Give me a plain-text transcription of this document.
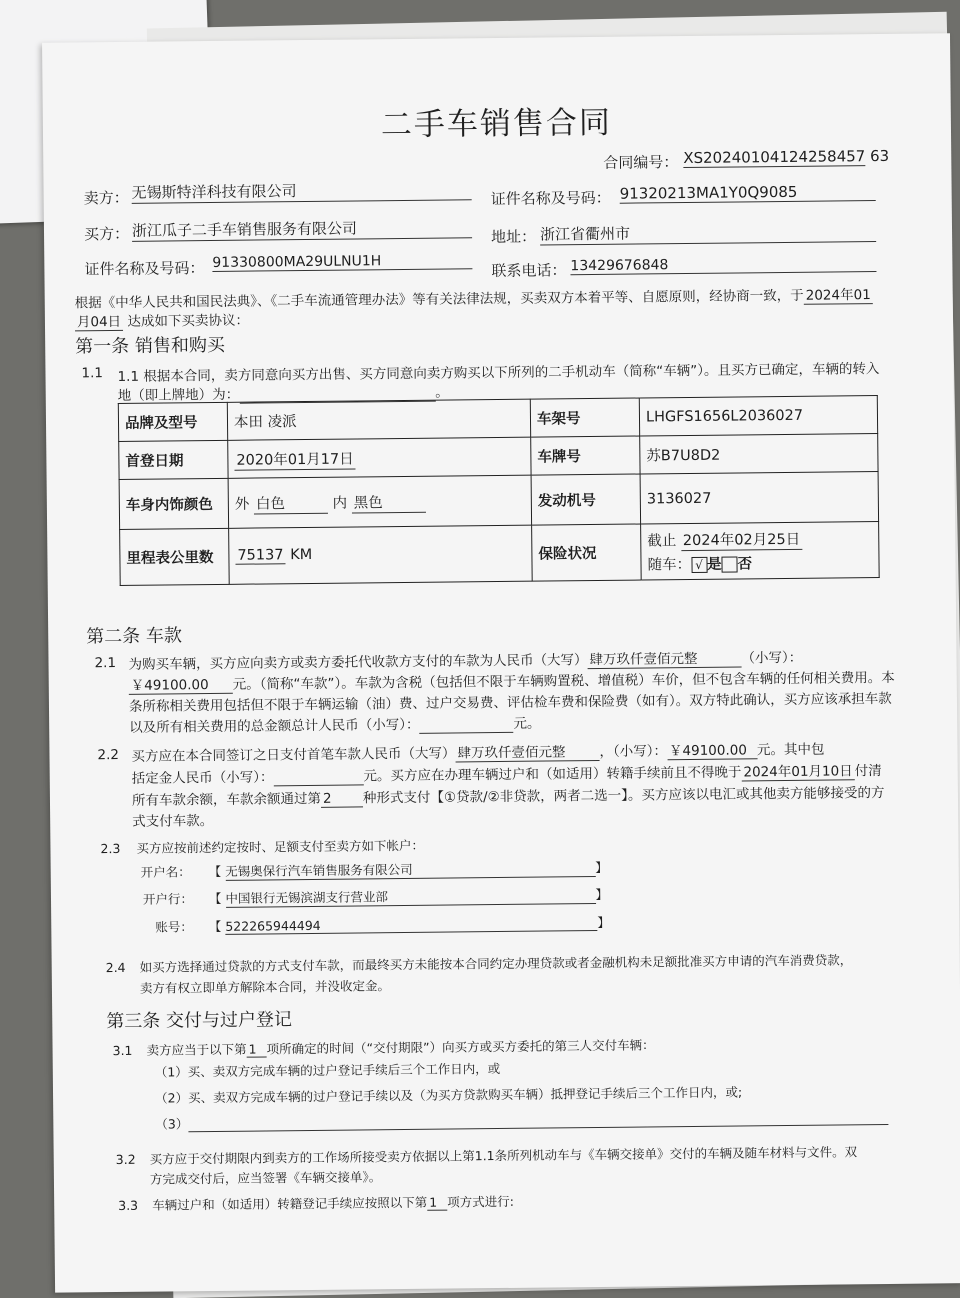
二手车销售合同
合同编号： XS20240104124258457 63
卖方： 无锡斯特洋科技有限公司	证件名称及号码： 91320213MA1Y0Q9085
买方： 浙江瓜子二手车销售服务有限公司	地址： 浙江省衢州市
证件名称及号码： 91330800MA29ULNU1H	联系电话： 13429676848
根据《中华人民共和国民法典》、《二手车流通管理办法》等有关法律法规，买卖双方本着平等、自愿原则，经协商一致，于 2024年01
月04日 达成如下买卖协议：
第一条 销售和购买
1.1 1.1 根据本合同，卖方同意向买方出售、买方同意向卖方购买以下所列的二手机动车（简称“车辆”）。且买方已确定，车辆的转入
地（即上牌地）为：	。
品牌及型号	本田 凌派	车架号	LHGFS1656L2036027
首登日期	2020年01月17日	车牌号	苏B7U8D2
车身内饰颜色	外 白色 内 黑色	发动机号	3136027
里程表公里数	75137 KM	保险状况	截止 2024年02月25日
随车： √ 是 否
第二条 车款
2.1 为购买车辆，买方应向卖方或卖方委托代收款方支付的车款为人民币（大写） 肆万玖仟壹佰元整	（小写）：
￥49100.00 元。（简称“车款”）。车款为含税（包括但不限于车辆购置税、增值税）车价，但不包含车辆的任何相关费用。本
条所称相关费用包括但不限于车辆运输（油）费、过户交易费、评估检车费和保险费（如有）。双方特此确认，买方应该承担车款
以及所有相关费用的总金额总计人民币（小写）：	元。
2.2 买方应在本合同签订之日支付首笔车款人民币（大写） 肆万玖仟壹佰元整	，（小写）： ￥49100.00 元。其中包
括定金人民币（小写）：	元。买方应在办理车辆过户和（如适用）转籍手续前且不得晚于 2024年01月10日 付清
所有车款余额，车款余额通过第 2 种形式支付【①贷款/②非贷款，两者二选一】。买方应该以电汇或其他卖方能够接受的方
式支付车款。
2.3 买方应按前述约定按时、足额支付至卖方如下帐户：
开户名： 【 无锡奥保行汽车销售服务有限公司	】
开户行： 【 中国银行无锡滨湖支行营业部	】
账号： 【 522265944494	】
2.4 如买方选择通过贷款的方式支付车款，而最终买方未能按本合同约定办理贷款或者金融机构未足额批准买方申请的汽车消费贷款，
卖方有权立即单方解除本合同，并没收定金。
第三条 交付与过户登记
3.1 卖方应当于以下第 1 项所确定的时间（“交付期限”）向买方或买方委托的第三人交付车辆：
（1）买、卖双方完成车辆的过户登记手续后三个工作日内，或
（2）买、卖双方完成车辆的过户登记手续以及（为买方贷款购买车辆）抵押登记手续后三个工作日内，或;
（3）
3.2 买方应于交付期限内到卖方的工作场所接受卖方依据以上第1.1条所列机动车与《车辆交接单》交付的车辆及随车材料与文件。双
方完成交付后，应当签署《车辆交接单》。
3.3 车辆过户和（如适用）转籍登记手续应按照以下第 1 项方式进行:
